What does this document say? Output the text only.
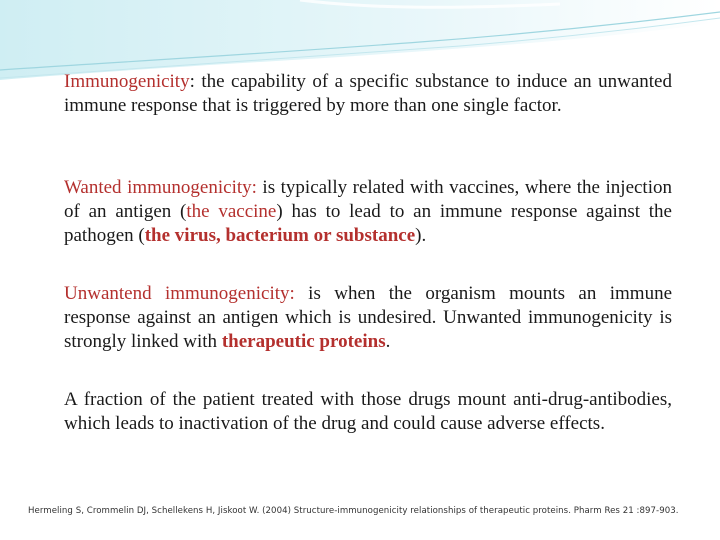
Immunogenicity: the capability of a specific substance to induce an unwanted immune response that is triggered by more than one single factor.

Wanted immunogenicity: is typically related with vaccines, where the injection of an antigen (the vaccine) has to lead to an immune response against the pathogen (the virus, bacterium or substance).

Unwantend immunogenicity: is when the organism mounts an immune response against an antigen which is undesired. Unwanted immunogenicity is strongly linked with therapeutic proteins.

A fraction of the patient treated with those drugs mount anti-drug-antibodies, which leads to inactivation of the drug and could cause adverse effects.

Hermeling S, Crommelin DJ, Schellekens H, Jiskoot W. (2004) Structure-immunogenicity relationships of therapeutic proteins. Pharm Res 21 :897-903.
